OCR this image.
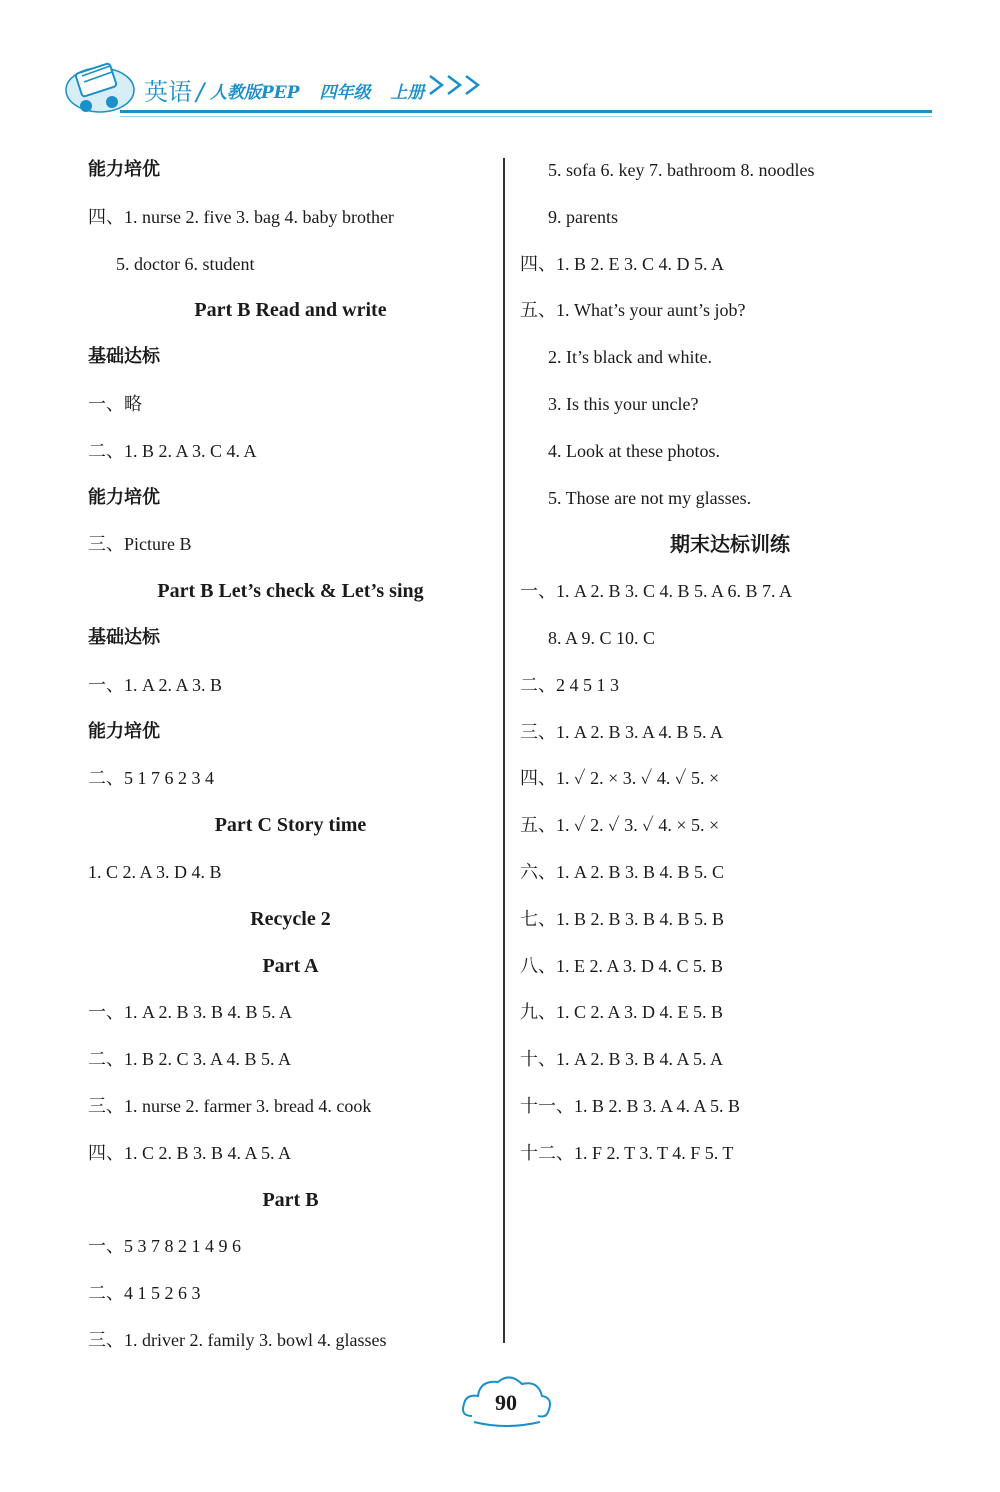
英语 / 人教版PEP 四年级 上册
能力培优
四、1. nurse 2. five 3. bag 4. baby brother
5. doctor 6. student
Part B Read and write
基础达标
一、略
二、1. B 2. A 3. C 4. A
能力培优
三、Picture B
Part B Let’s check & Let’s sing
基础达标
一、1. A 2. A 3. B
能力培优
二、5 1 7 6 2 3 4
Part C Story time
1. C 2. A 3. D 4. B
Recycle 2
Part A
一、1. A 2. B 3. B 4. B 5. A
二、1. B 2. C 3. A 4. B 5. A
三、1. nurse 2. farmer 3. bread 4. cook
四、1. C 2. B 3. B 4. A 5. A
Part B
一、5 3 7 8 2 1 4 9 6
二、4 1 5 2 6 3
三、1. driver 2. family 3. bowl 4. glasses
5. sofa 6. key 7. bathroom 8. noodles
9. parents
四、1. B 2. E 3. C 4. D 5. A
五、1. What’s your aunt’s job?
2. It’s black and white.
3. Is this your uncle?
4. Look at these photos.
5. Those are not my glasses.
期末达标训练
一、1. A 2. B 3. C 4. B 5. A 6. B 7. A
8. A 9. C 10. C
二、2 4 5 1 3
三、1. A 2. B 3. A 4. B 5. A
四、1. ✓ 2. × 3. ✓ 4. ✓ 5. ×
五、1. ✓ 2. ✓ 3. ✓ 4. × 5. ×
六、1. A 2. B 3. B 4. B 5. C
七、1. B 2. B 3. B 4. B 5. B
八、1. E 2. A 3. D 4. C 5. B
九、1. C 2. A 3. D 4. E 5. B
十、1. A 2. B 3. B 4. A 5. A
十一、1. B 2. B 3. A 4. A 5. B
十二、1. F 2. T 3. T 4. F 5. T
90
